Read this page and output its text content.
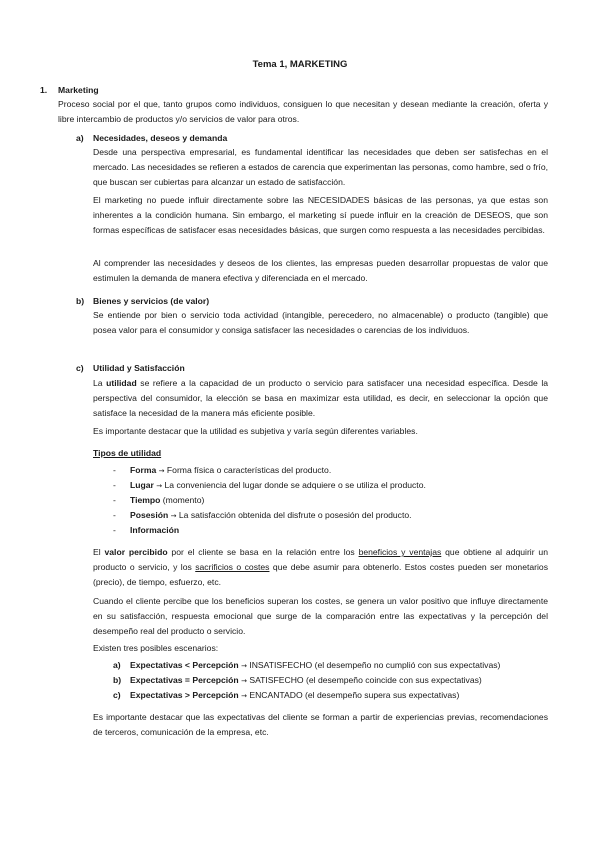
Tema 1, MARKETING
1. Marketing
Proceso social por el que, tanto grupos como individuos, consiguen lo que necesitan y desean mediante la creación, oferta y libre intercambio de productos y/o servicios de valor para otros.
a) Necesidades, deseos y demanda
Desde una perspectiva empresarial, es fundamental identificar las necesidades que deben ser satisfechas en el mercado. Las necesidades se refieren a estados de carencia que experimentan las personas, como hambre, sed o frío, que buscan ser cubiertas para alcanzar un estado de satisfacción.
El marketing no puede influir directamente sobre las NECESIDADES básicas de las personas, ya que estas son inherentes a la condición humana. Sin embargo, el marketing sí puede influir en la creación de DESEOS, que son formas específicas de satisfacer esas necesidades básicas, que surgen como respuesta a las necesidades percibidas.
Al comprender las necesidades y deseos de los clientes, las empresas pueden desarrollar propuestas de valor que estimulen la demanda de manera efectiva y diferenciada en el mercado.
b) Bienes y servicios (de valor)
Se entiende por bien o servicio toda actividad (intangible, perecedero, no almacenable) o producto (tangible) que posea valor para el consumidor y consiga satisfacer las necesidades o carencias de los individuos.
c) Utilidad y Satisfacción
La utilidad se refiere a la capacidad de un producto o servicio para satisfacer una necesidad específica. Desde la perspectiva del consumidor, la elección se basa en maximizar esta utilidad, es decir, en seleccionar la opción que satisface la necesidad de la manera más eficiente posible.
Es importante destacar que la utilidad es subjetiva y varía según diferentes variables.
Tipos de utilidad
- Forma → Forma física o características del producto.
- Lugar → La conveniencia del lugar donde se adquiere o se utiliza el producto.
- Tiempo (momento)
- Posesión → La satisfacción obtenida del disfrute o posesión del producto.
- Información
El valor percibido por el cliente se basa en la relación entre los beneficios y ventajas que obtiene al adquirir un producto o servicio, y los sacrificios o costes que debe asumir para obtenerlo. Estos costes pueden ser monetarios (precio), de tiempo, esfuerzo, etc.
Cuando el cliente percibe que los beneficios superan los costes, se genera un valor positivo que influye directamente en su satisfacción, respuesta emocional que surge de la comparación entre las expectativas y la percepción del desempeño real del producto o servicio.
Existen tres posibles escenarios:
a) Expectativas < Percepción → INSATISFECHO (el desempeño no cumplió con sus expectativas)
b) Expectativas = Percepción → SATISFECHO (el desempeño coincide con sus expectativas)
c) Expectativas > Percepción → ENCANTADO (el desempeño supera sus expectativas)
Es importante destacar que las expectativas del cliente se forman a partir de experiencias previas, recomendaciones de terceros, comunicación de la empresa, etc.
